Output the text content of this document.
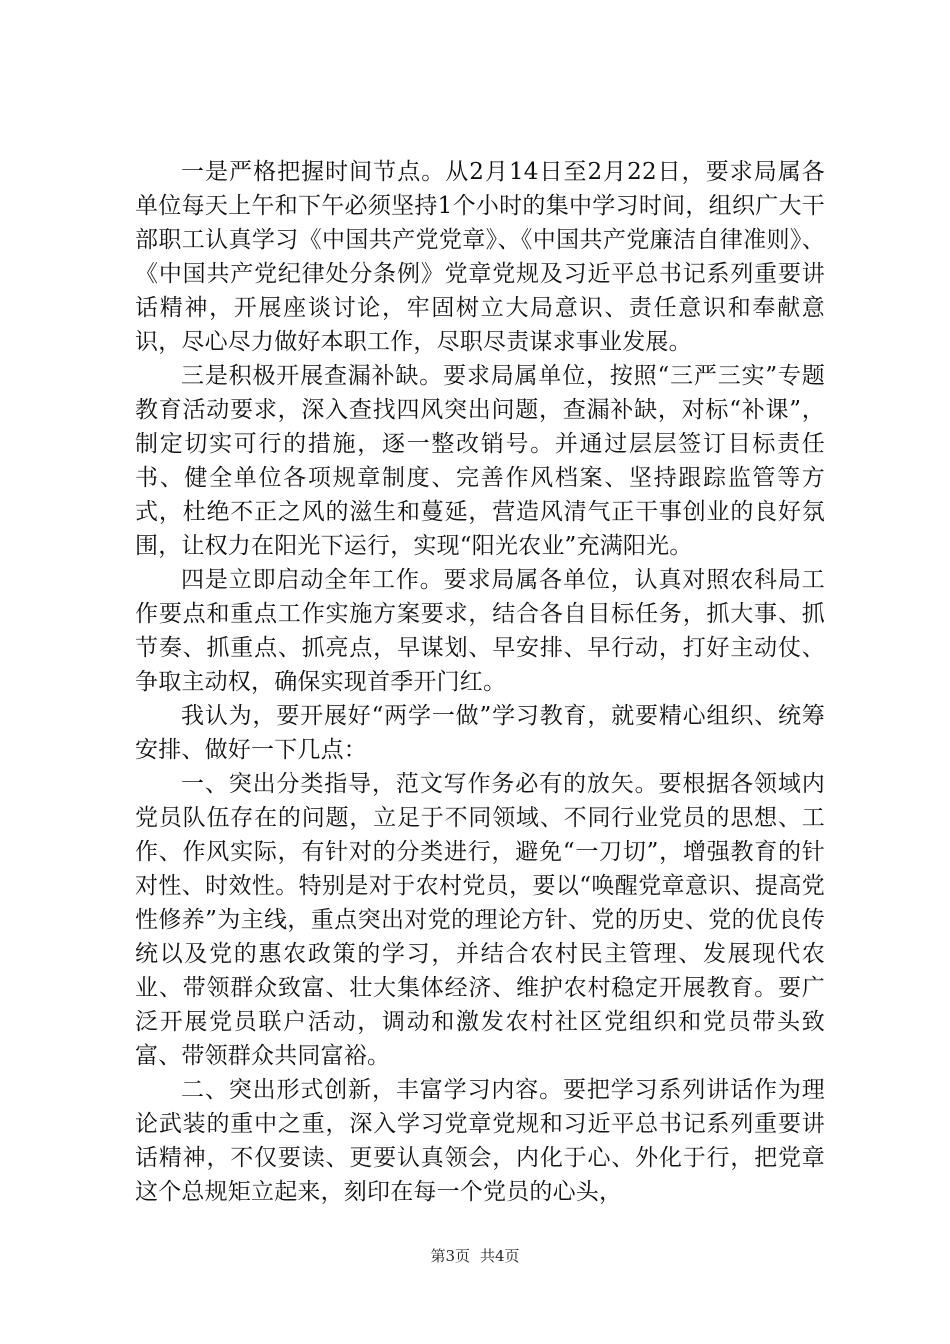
一是严格把握时间节点。从2月14日至2月22日，要求局属各单位每天上午和下午必须坚持1个小时的集中学习时间，组织广大干部职工认真学习《中国共产党党章》、《中国共产党廉洁自律准则》、《中国共产党纪律处分条例》党章党规及习近平总书记系列重要讲话精神，开展座谈讨论，牢固树立大局意识、责任意识和奉献意识，尽心尽力做好本职工作，尽职尽责谋求事业发展。

三是积极开展查漏补缺。要求局属单位，按照“三严三实”专题教育活动要求，深入查找四风突出问题，查漏补缺，对标“补课”，制定切实可行的措施，逐一整改销号。并通过层层签订目标责任书、健全单位各项规章制度、完善作风档案、坚持跟踪监管等方式，杜绝不正之风的滋生和蔓延，营造风清气正干事创业的良好氛围，让权力在阳光下运行，实现“阳光农业”充满阳光。

四是立即启动全年工作。要求局属各单位，认真对照农科局工作要点和重点工作实施方案要求，结合各自目标任务，抓大事、抓节奏、抓重点、抓亮点，早谋划、早安排、早行动，打好主动仗、争取主动权，确保实现首季开门红。

我认为，要开展好“两学一做”学习教育，就要精心组织、统筹安排、做好一下几点：

一、突出分类指导，范文写作务必有的放矢。要根据各领域内党员队伍存在的问题，立足于不同领域、不同行业党员的思想、工作、作风实际，有针对的分类进行，避免“一刀切”，增强教育的针对性、时效性。特别是对于农村党员，要以“唤醒党章意识、提高党性修养”为主线，重点突出对党的理论方针、党的历史、党的优良传统以及党的惠农政策的学习，并结合农村民主管理、发展现代农业、带领群众致富、壮大集体经济、维护农村稳定开展教育。要广泛开展党员联户活动，调动和激发农村社区党组织和党员带头致富、带领群众共同富裕。

二、突出形式创新，丰富学习内容。要把学习系列讲话作为理论武装的重中之重，深入学习党章党规和习近平总书记系列重要讲话精神，不仅要读、更要认真领会，内化于心、外化于行，把党章这个总规矩立起来，刻印在每一个党员的心头，

第3页 共4页
